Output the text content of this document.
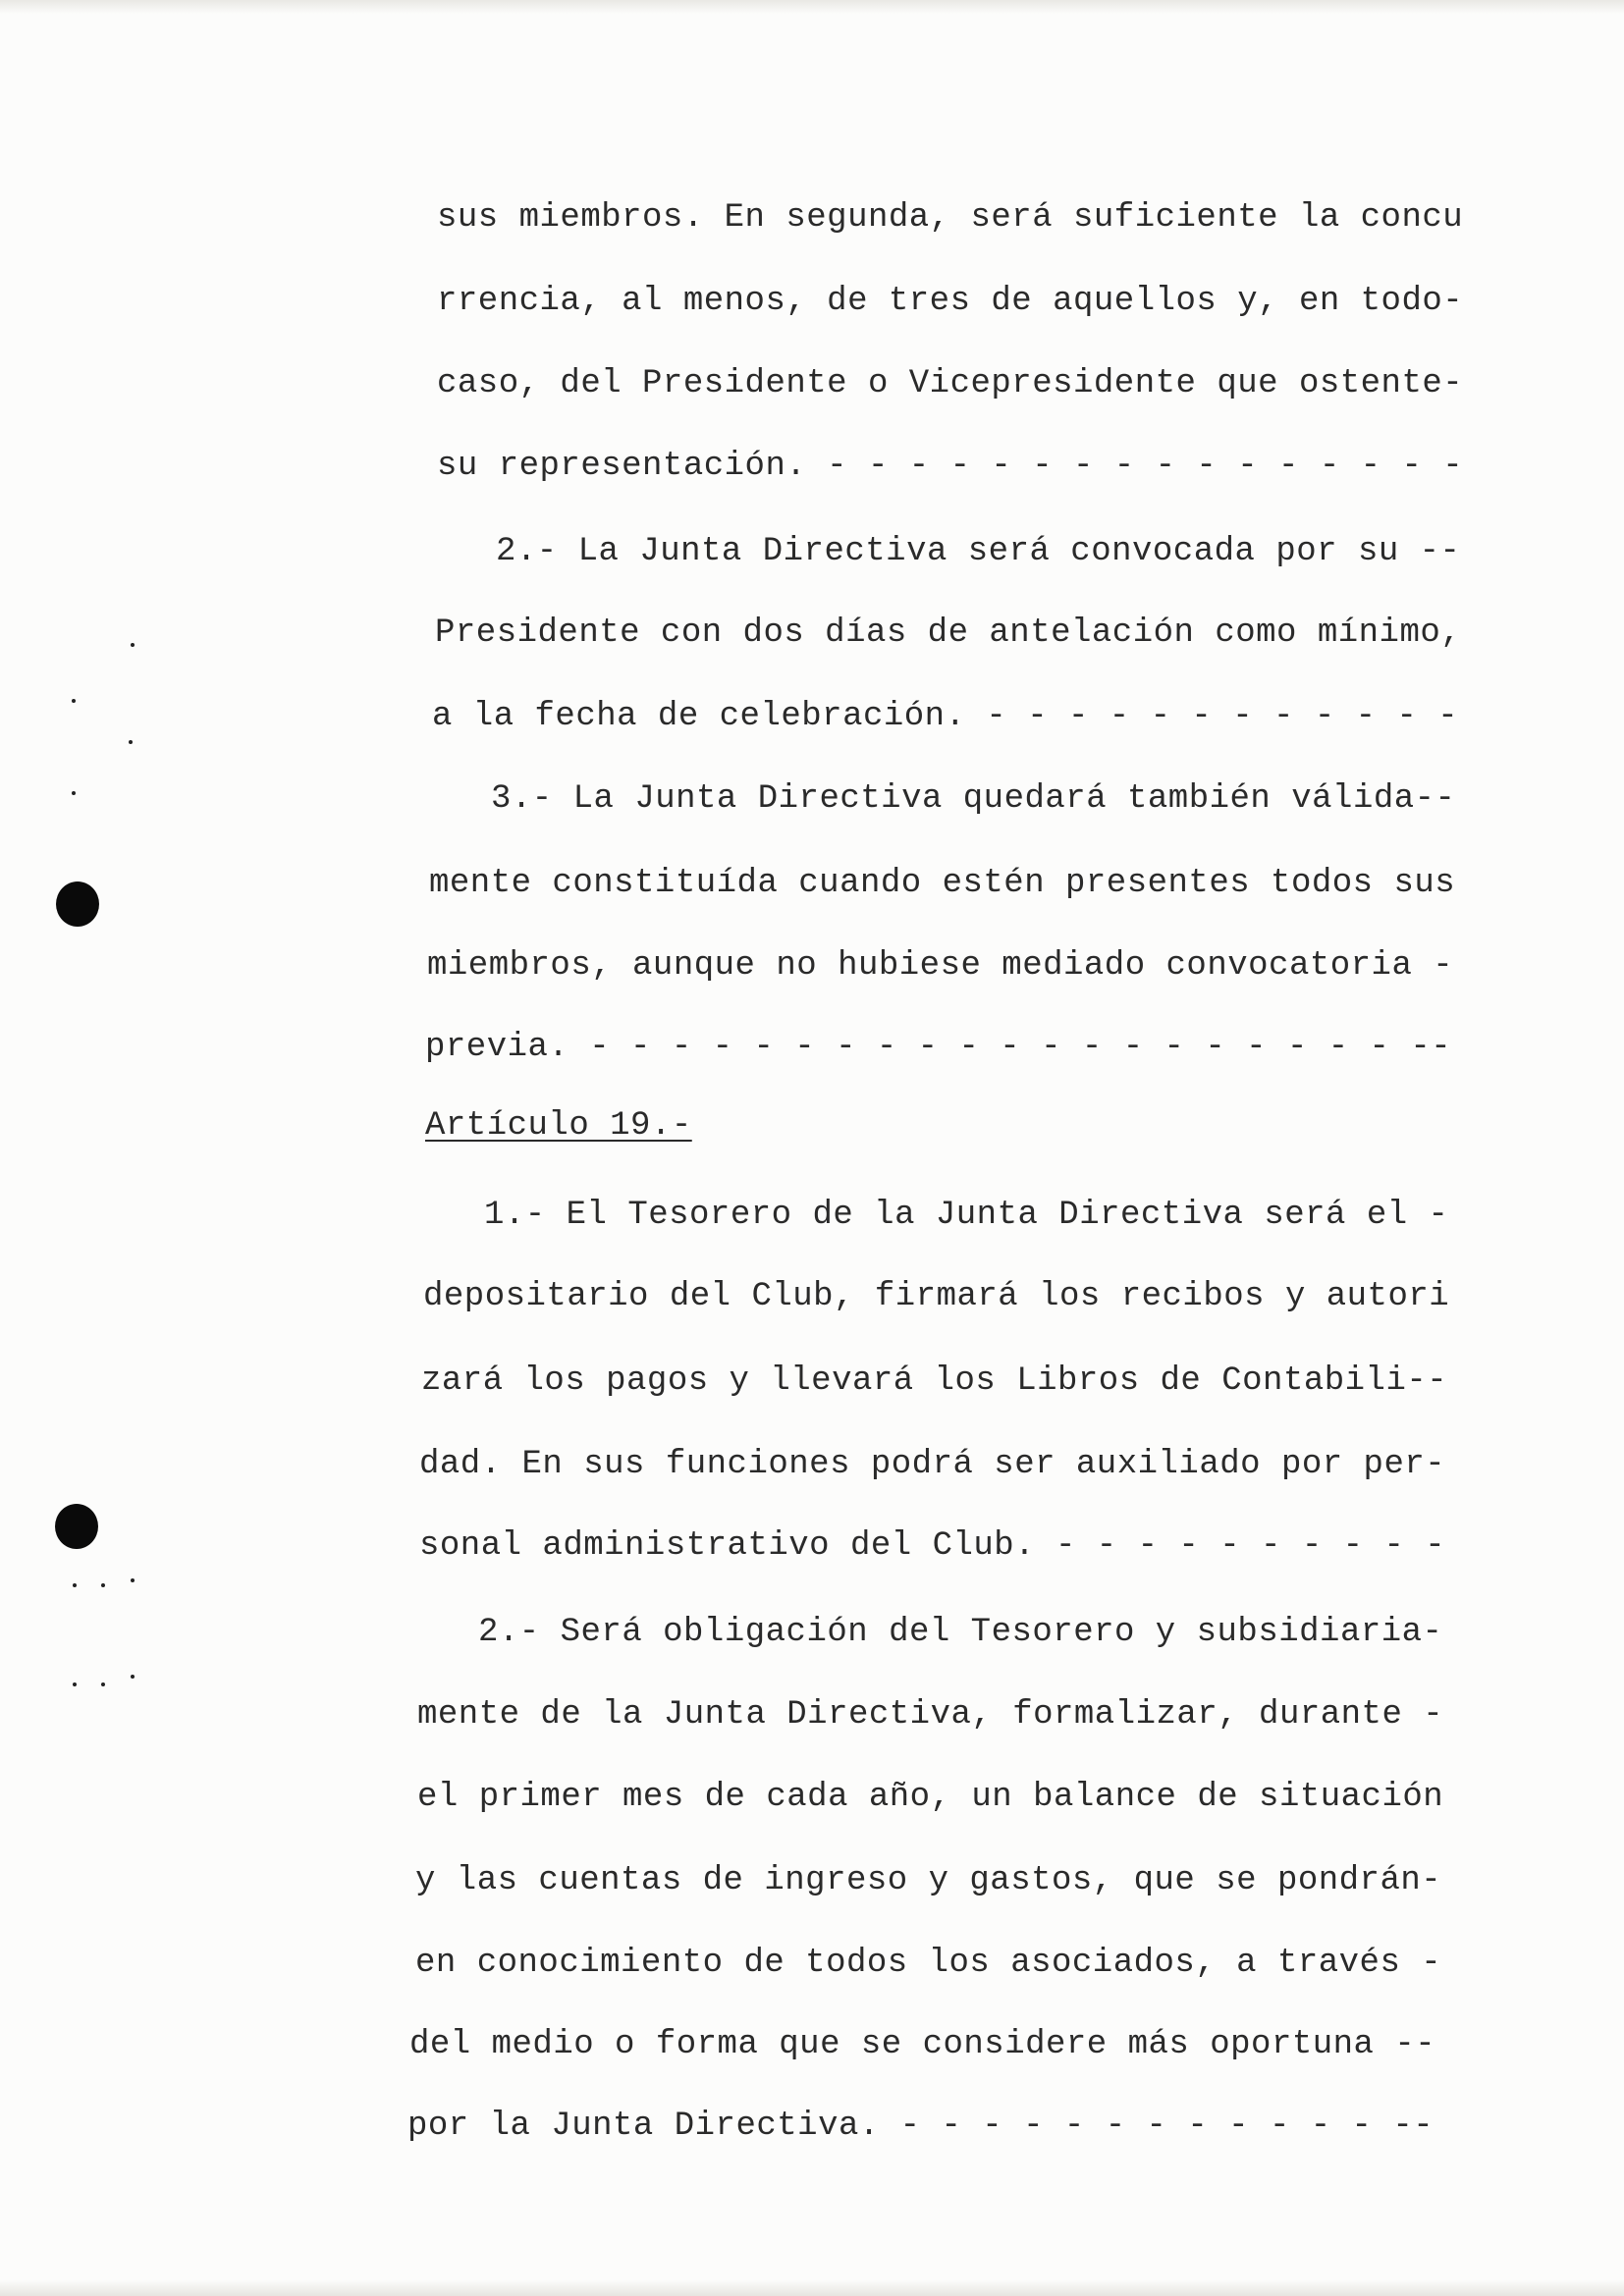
sus miembros. En segunda, será suficiente la concu
rrencia, al menos, de tres de aquellos y, en todo-
caso, del Presidente o Vicepresidente que ostente-
su representación. - - - - - - - - - - - - - - - -
2.- La Junta Directiva será convocada por su --
Presidente con dos días de antelación como mínimo,
a la fecha de celebración. - - - - - - - - - - - -
3.- La Junta Directiva quedará también válida--
mente constituída cuando estén presentes todos sus
miembros, aunque no hubiese mediado convocatoria -
previa. - - - - - - - - - - - - - - - - - - - - --
Artículo 19.-
1.- El Tesorero de la Junta Directiva será el -
depositario del Club, firmará los recibos y autori
zará los pagos y llevará los Libros de Contabili--
dad. En sus funciones podrá ser auxiliado por per-
sonal administrativo del Club. - - - - - - - - - -
2.- Será obligación del Tesorero y subsidiaria-
mente de la Junta Directiva, formalizar, durante -
el primer mes de cada año, un balance de situación
y las cuentas de ingreso y gastos, que se pondrán-
en conocimiento de todos los asociados, a través -
del medio o forma que se considere más oportuna --
por la Junta Directiva. - - - - - - - - - - - - --
